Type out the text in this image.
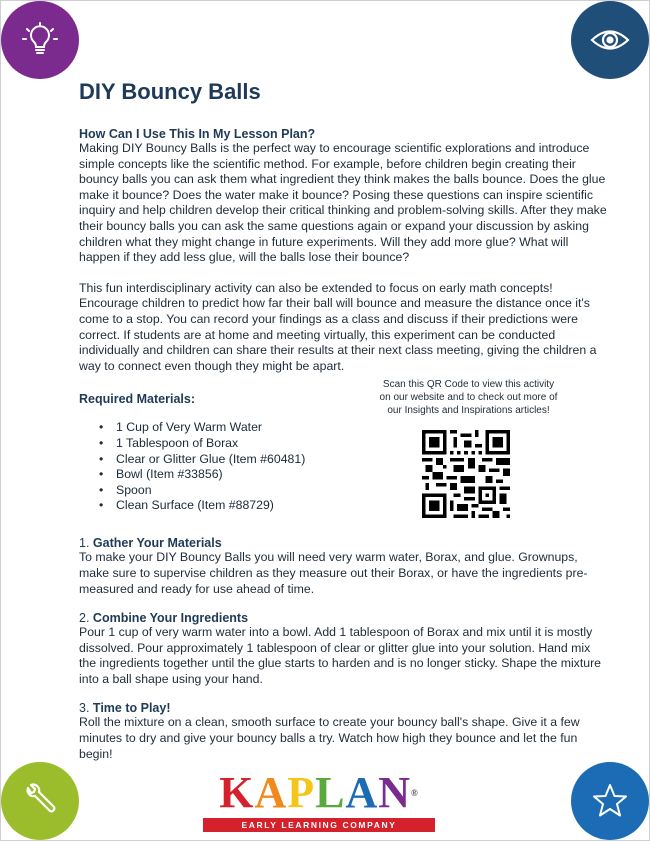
DIY Bouncy Balls
How Can I Use This In My Lesson Plan?

Making DIY Bouncy Balls is the perfect way to encourage scientific explorations and introduce simple concepts like the scientific method. For example, before children begin creating their bouncy balls you can ask them what ingredient they think makes the balls bounce. Does the glue make it bounce? Does the water make it bounce? Posing these questions can inspire scientific inquiry and help children develop their critical thinking and problem-solving skills. After they make their bouncy balls you can ask the same questions again or expand your discussion by asking children what they might change in future experiments. Will they add more glue? What will happen if they add less glue, will the balls lose their bounce?

This fun interdisciplinary activity can also be extended to focus on early math concepts! Encourage children to predict how far their ball will bounce and measure the distance once it's come to a stop. You can record your findings as a class and discuss if their predictions were correct. If students are at home and meeting virtually, this experiment can be conducted individually and children can share their results at their next class meeting, giving the children a way to connect even though they might be apart.

Required Materials:
• 1 Cup of Very Warm Water
• 1 Tablespoon of Borax
• Clear or Glitter Glue (Item #60481)
• Bowl (Item #33856)
• Spoon
• Clean Surface (Item #88729)
Scan this QR Code to view this activity on our website and to check out more of our Insights and Inspirations articles!
1. Gather Your Materials

To make your DIY Bouncy Balls you will need very warm water, Borax, and glue. Grownups, make sure to supervise children as they measure out their Borax, or have the ingredients pre-measured and ready for use ahead of time.

2. Combine Your Ingredients

Pour 1 cup of very warm water into a bowl. Add 1 tablespoon of Borax and mix until it is mostly dissolved. Pour approximately 1 tablespoon of clear or glitter glue into your solution. Hand mix the ingredients together until the glue starts to harden and is no longer sticky. Shape the mixture into a ball shape using your hand.

3. Time to Play!

Roll the mixture on a clean, smooth surface to create your bouncy ball's shape. Give it a few minutes to dry and give your bouncy balls a try. Watch how high they bounce and let the fun begin!

K A P L A N ®
EARLY LEARNING COMPANY
